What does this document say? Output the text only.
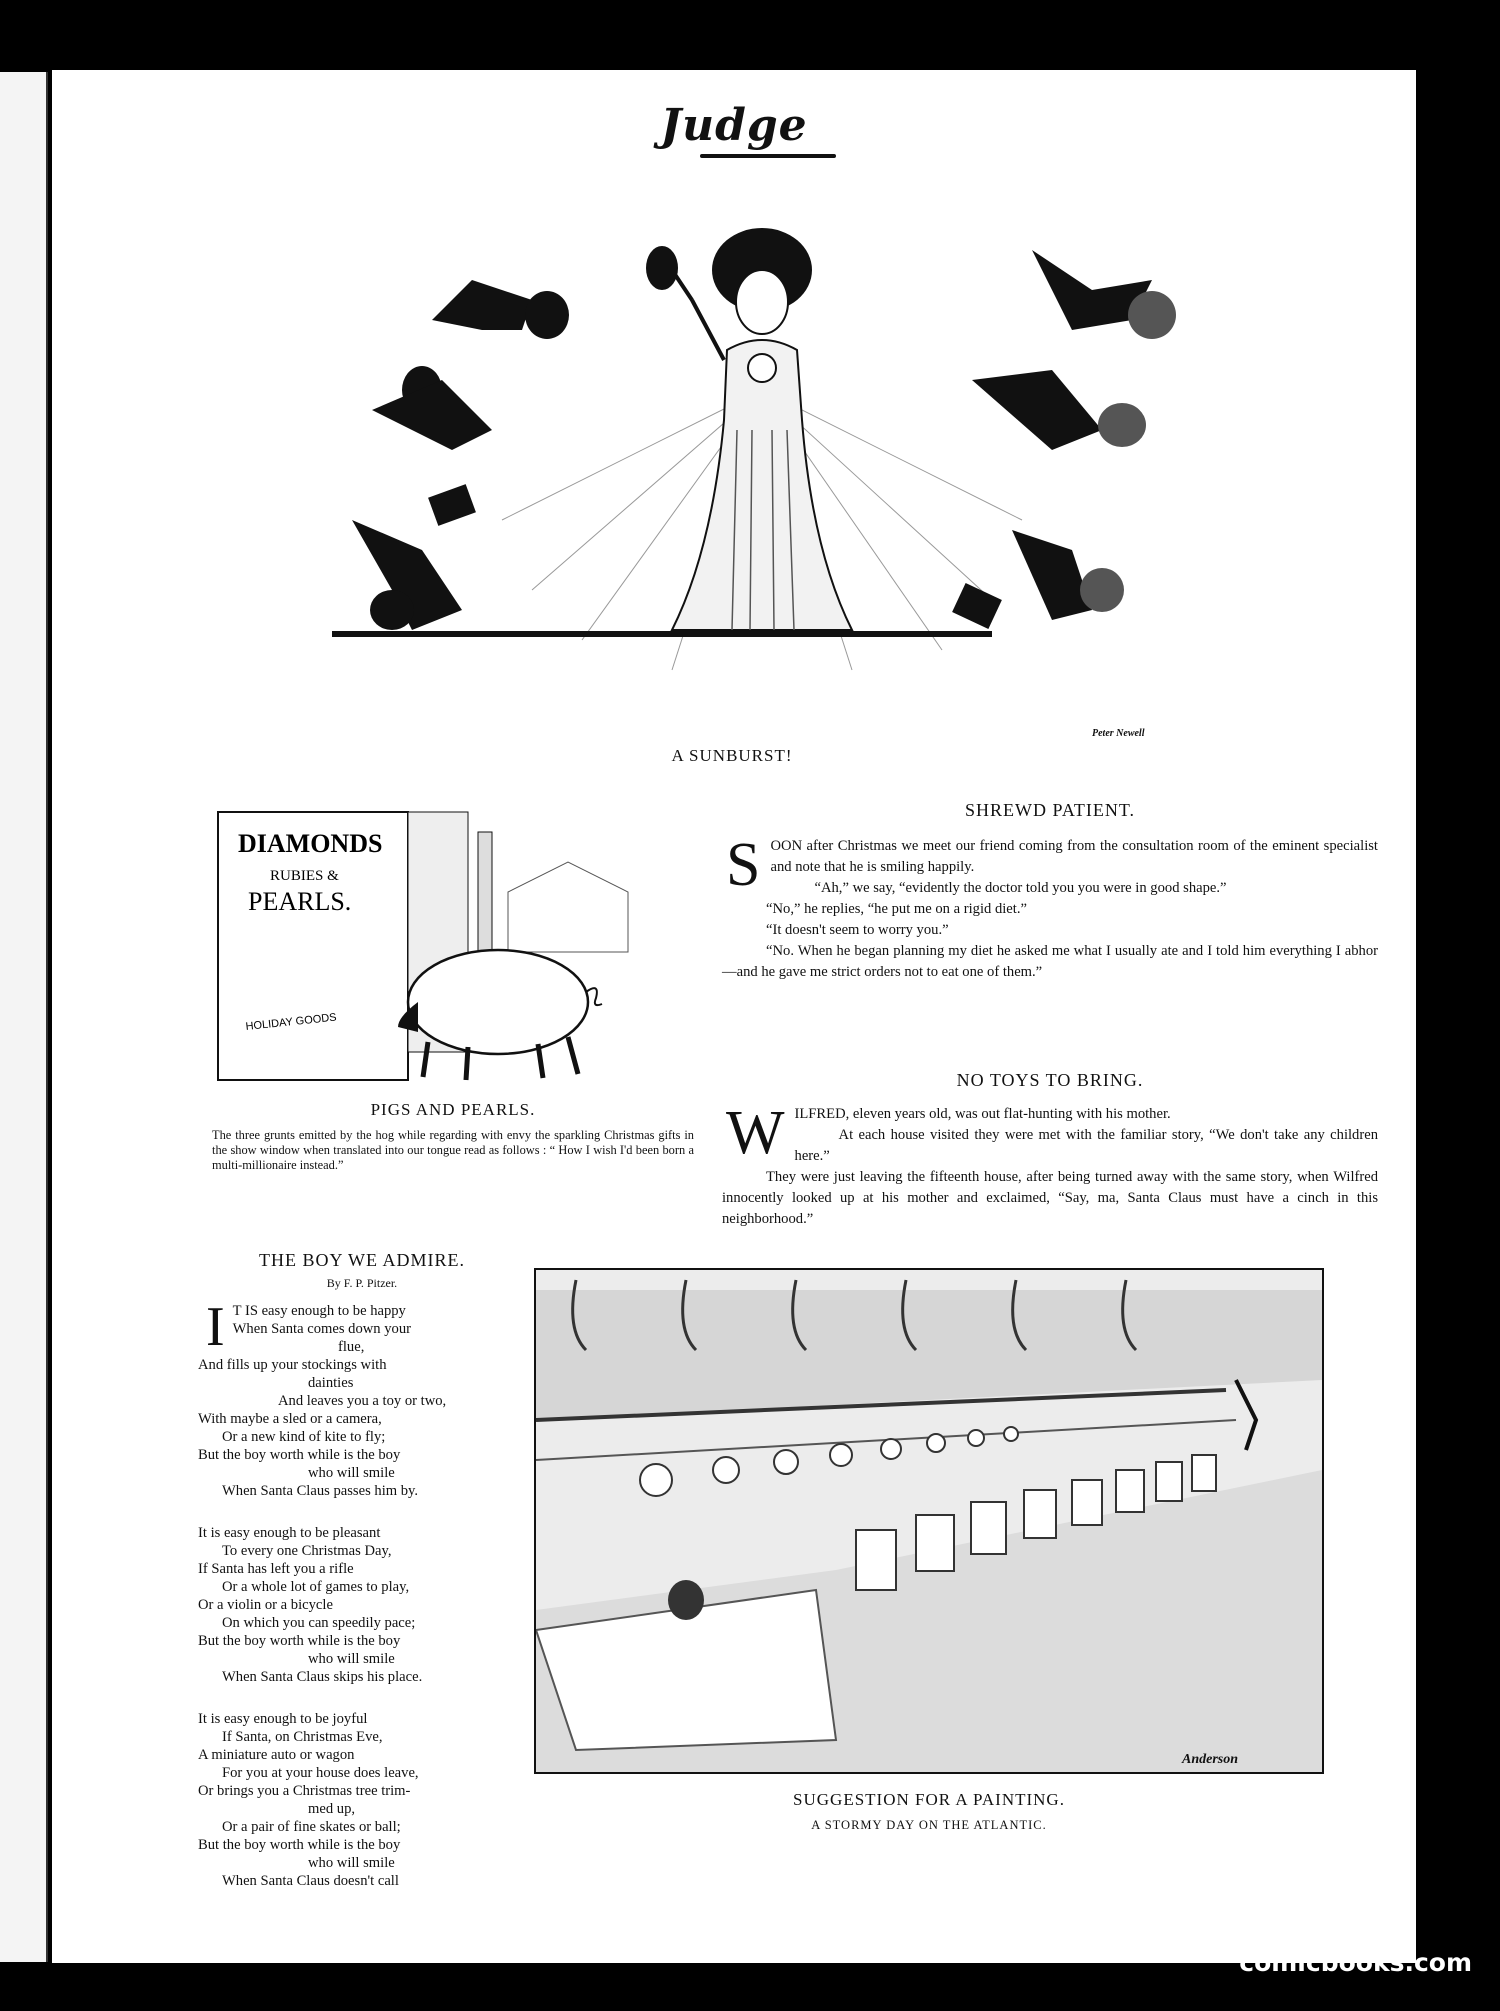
Judge
Peter Newell
A SUNBURST!
DIAMONDS
RUBIES &
PEARLS.
HOLIDAY GOODS
PIGS AND PEARLS.
The three grunts emitted by the hog while regarding with envy the sparkling Christmas gifts in the show window when translated into our tongue read as follows : “ How I wish I'd been born a multi-millionaire instead.”
SHREWD PATIENT.
S OON after Christmas we meet our friend coming from the consultation room of the eminent specialist and note that he is smiling happily.

“Ah,” we say, “evidently the doctor told you you were in good shape.”

“No,” he replies, “he put me on a rigid diet.”

“It doesn't seem to worry you.”

“No. When he began planning my diet he asked me what I usually ate and I told him everything I abhor—and he gave me strict orders not to eat one of them.”

NO TOYS TO BRING.
W ILFRED, eleven years old, was out flat-hunting with his mother.

At each house visited they were met with the familiar story, “We don't take any children here.”

They were just leaving the fifteenth house, after being turned away with the same story, when Wilfred innocently looked up at his mother and exclaimed, “Say, ma, Santa Claus must have a cinch in this neighborhood.”

THE BOY WE ADMIRE.
By F. P. Pitzer.
I T IS easy enough to be happy
When Santa comes down your
flue,
And fills up your stockings with
dainties
And leaves you a toy or two,
With maybe a sled or a camera,
Or a new kind of kite to fly;
But the boy worth while is the boy
who will smile
When Santa Claus passes him by.
It is easy enough to be pleasant
To every one Christmas Day,
If Santa has left you a rifle
Or a whole lot of games to play,
Or a violin or a bicycle
On which you can speedily pace;
But the boy worth while is the boy
who will smile
When Santa Claus skips his place.
It is easy enough to be joyful
If Santa, on Christmas Eve,
A miniature auto or wagon
For you at your house does leave,
Or brings you a Christmas tree trim-
med up,
Or a pair of fine skates or ball;
But the boy worth while is the boy
who will smile
When Santa Claus doesn't call
Anderson
SUGGESTION FOR A PAINTING.
A STORMY DAY ON THE ATLANTIC.
comicbooks.com
